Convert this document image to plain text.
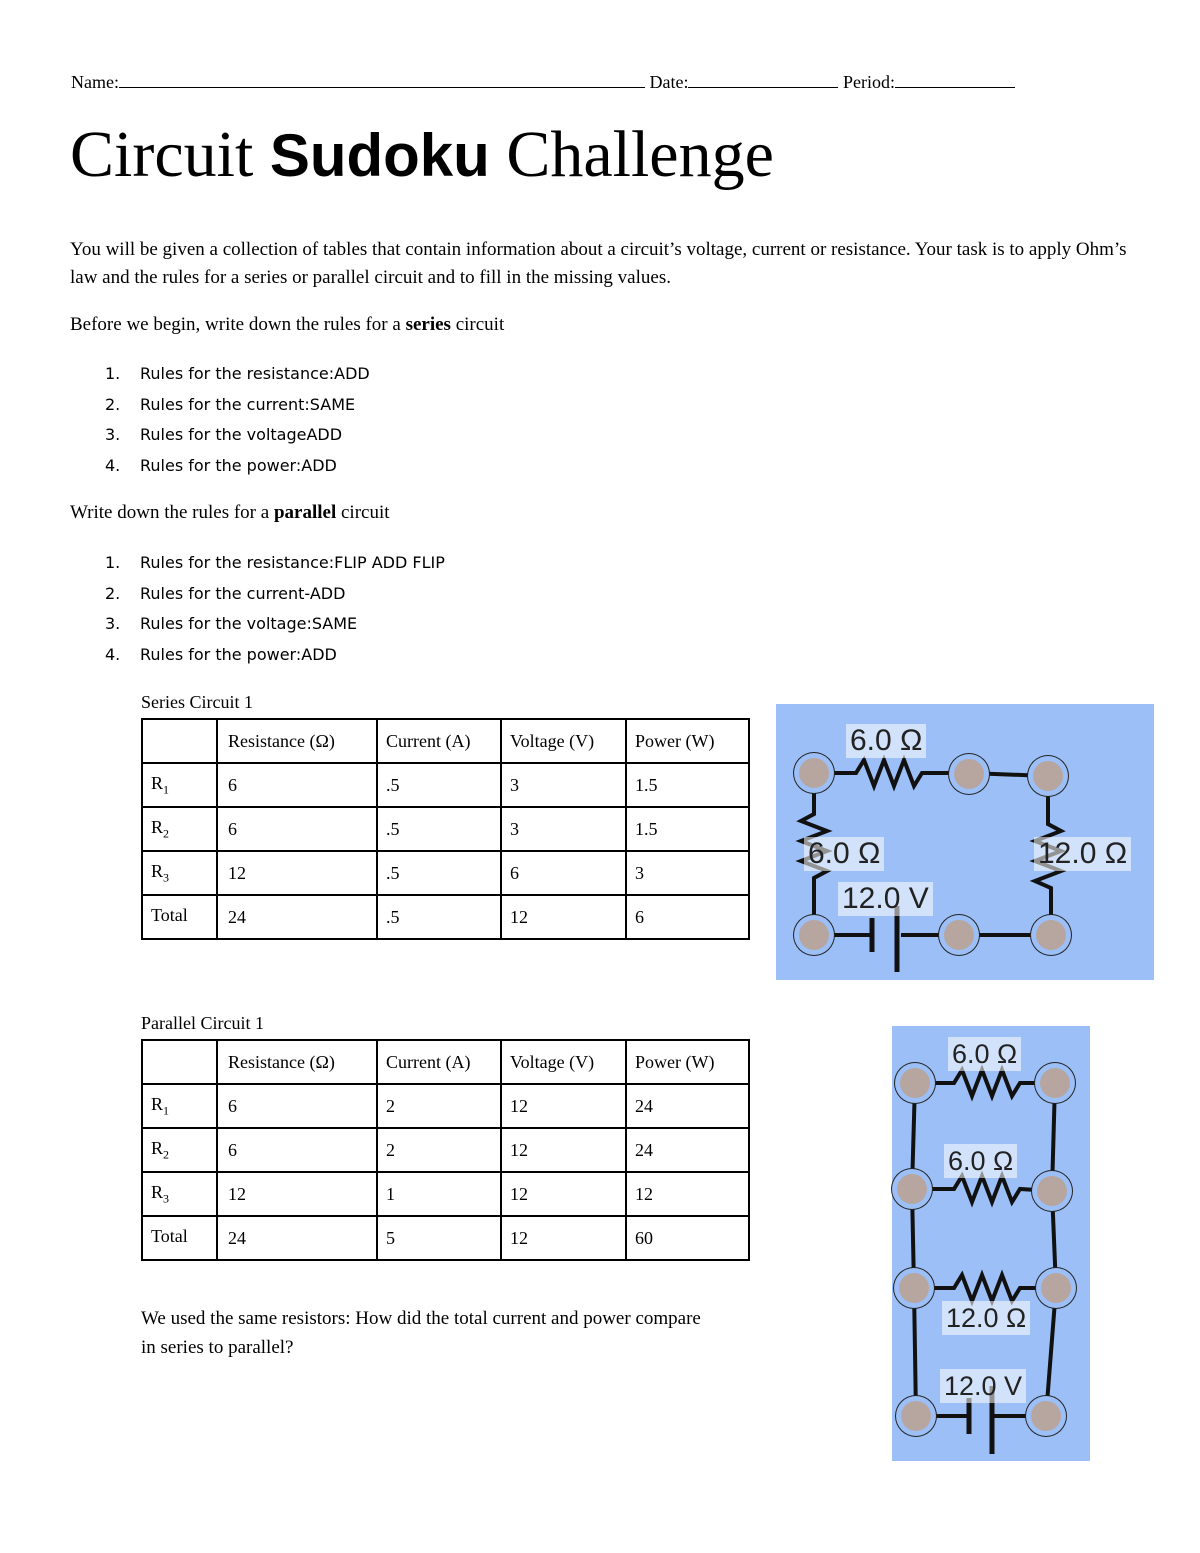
Name:	Date:	Period:
Circuit Sudoku Challenge
You will be given a collection of tables that contain information about a circuit’s voltage, current or resistance. Your task is to apply Ohm’s law and the rules for a series or parallel circuit and to fill in the missing values.
Before we begin, write down the rules for a series circuit
1. Rules for the resistance:ADD
2. Rules for the current:SAME
3. Rules for the voltageADD
4. Rules for the power:ADD
Write down the rules for a parallel circuit
1. Rules for the resistance:FLIP ADD FLIP
2. Rules for the current-ADD
3. Rules for the voltage:SAME
4. Rules for the power:ADD
Series Circuit 1
	Resistance (Ω)	Current (A)	Voltage (V)	Power (W)
$R_1$	6	.5	3	1.5
$R_2$	6	.5	3	1.5
$R_3$	12	.5	6	3
Total	24	.5	12	6
Parallel Circuit 1
	Resistance (Ω)	Current (A)	Voltage (V)	Power (W)
$R_1$	6	2	12	24
$R_2$	6	2	12	24
$R_3$	12	1	12	12
Total	24	5	12	60
We used the same resistors: How did the total current and power compare
in series to parallel?
6.0 Ω
6.0 Ω	12.0 Ω
12.0 V
6.0 Ω
6.0 Ω
12.0 Ω
12.0 V
